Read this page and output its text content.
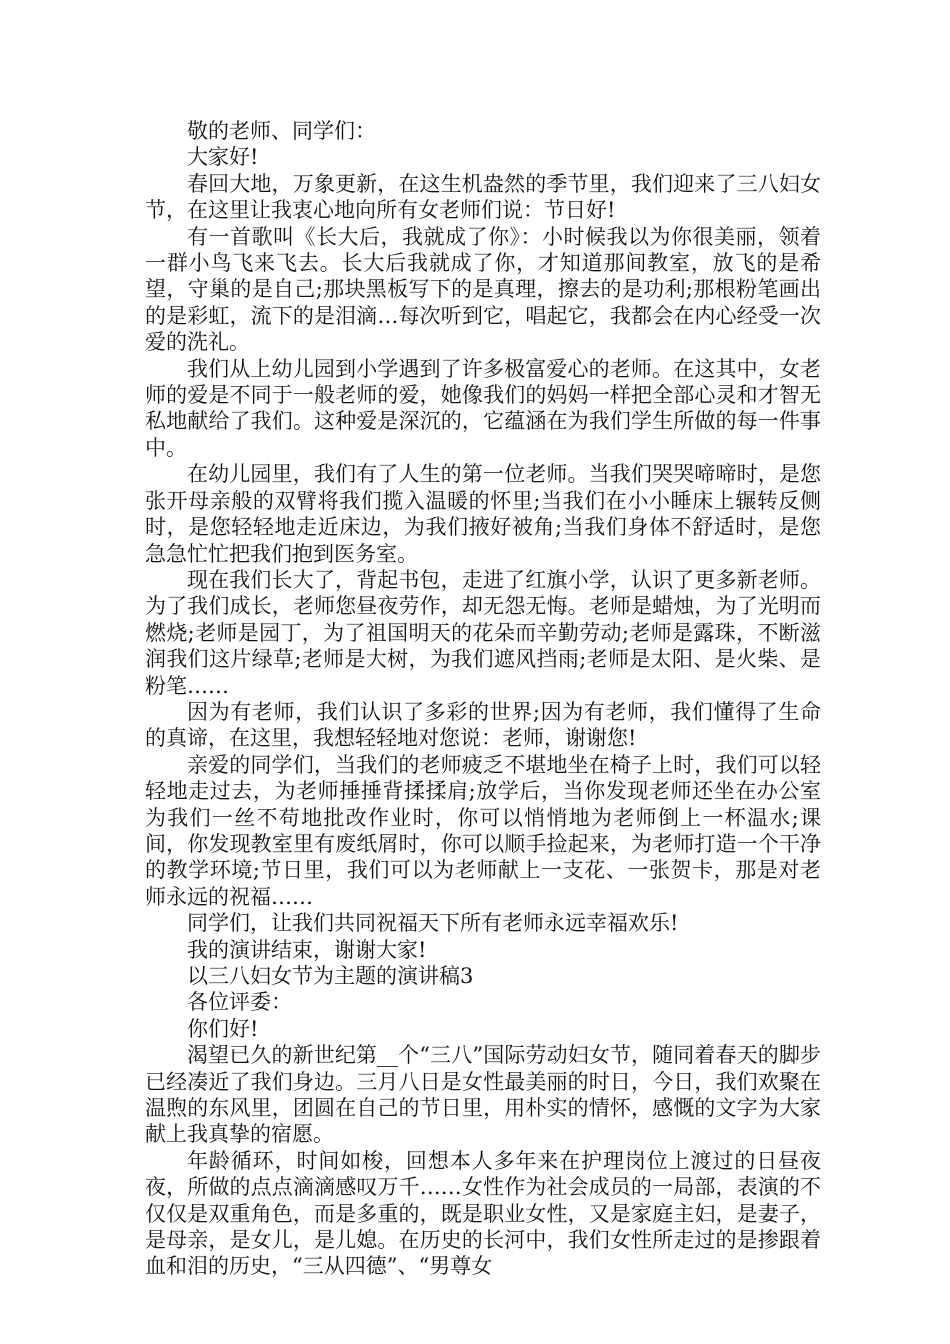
敬的老师、同学们：

大家好!

春回大地，万象更新，在这生机盎然的季节里，我们迎来了三八妇女节，在这里让我衷心地向所有女老师们说：节日好!

有一首歌叫《长大后，我就成了你》：小时候我以为你很美丽，领着一群小鸟飞来飞去。长大后我就成了你，才知道那间教室，放飞的是希望，守巢的是自己;那块黑板写下的是真理，擦去的是功利;那根粉笔画出的是彩虹，流下的是泪滴…每次听到它，唱起它，我都会在内心经受一次爱的洗礼。

我们从上幼儿园到小学遇到了许多极富爱心的老师。在这其中，女老师的爱是不同于一般老师的爱，她像我们的妈妈一样把全部心灵和才智无私地献给了我们。这种爱是深沉的，它蕴涵在为我们学生所做的每一件事中。

在幼儿园里，我们有了人生的第一位老师。当我们哭哭啼啼时，是您张开母亲般的双臂将我们揽入温暖的怀里;当我们在小小睡床上辗转反侧时，是您轻轻地走近床边，为我们掖好被角;当我们身体不舒适时，是您急急忙忙把我们抱到医务室。

现在我们长大了，背起书包，走进了红旗小学，认识了更多新老师。为了我们成长，老师您昼夜劳作，却无怨无悔。老师是蜡烛，为了光明而燃烧;老师是园丁，为了祖国明天的花朵而辛勤劳动;老师是露珠，不断滋润我们这片绿草;老师是大树，为我们遮风挡雨;老师是太阳、是火柴、是粉笔……

因为有老师，我们认识了多彩的世界;因为有老师，我们懂得了生命的真谛，在这里，我想轻轻地对您说：老师，谢谢您!

亲爱的同学们，当我们的老师疲乏不堪地坐在椅子上时，我们可以轻轻地走过去，为老师捶捶背揉揉肩;放学后，当你发现老师还坐在办公室为我们一丝不苟地批改作业时，你可以悄悄地为老师倒上一杯温水;课间，你发现教室里有废纸屑时，你可以顺手捡起来，为老师打造一个干净的教学环境;节日里，我们可以为老师献上一支花、一张贺卡，那是对老师永远的祝福……

同学们，让我们共同祝福天下所有老师永远幸福欢乐!

我的演讲结束，谢谢大家!

以三八妇女节为主题的演讲稿3

各位评委：

你们好!

渴望已久的新世纪第__个“三八”国际劳动妇女节，随同着春天的脚步已经凑近了我们身边。三月八日是女性最美丽的时日，今日，我们欢聚在温煦的东风里，团圆在自己的节日里，用朴实的情怀，感慨的文字为大家献上我真挚的宿愿。

年龄循环，时间如梭，回想本人多年来在护理岗位上渡过的日昼夜夜，所做的点点滴滴感叹万千……女性作为社会成员的一局部，表演的不仅仅是双重角色，而是多重的，既是职业女性，又是家庭主妇，是妻子，是母亲，是女儿，是儿媳。在历史的长河中，我们女性所走过的是掺跟着血和泪的历史，“三从四德”、“男尊女
